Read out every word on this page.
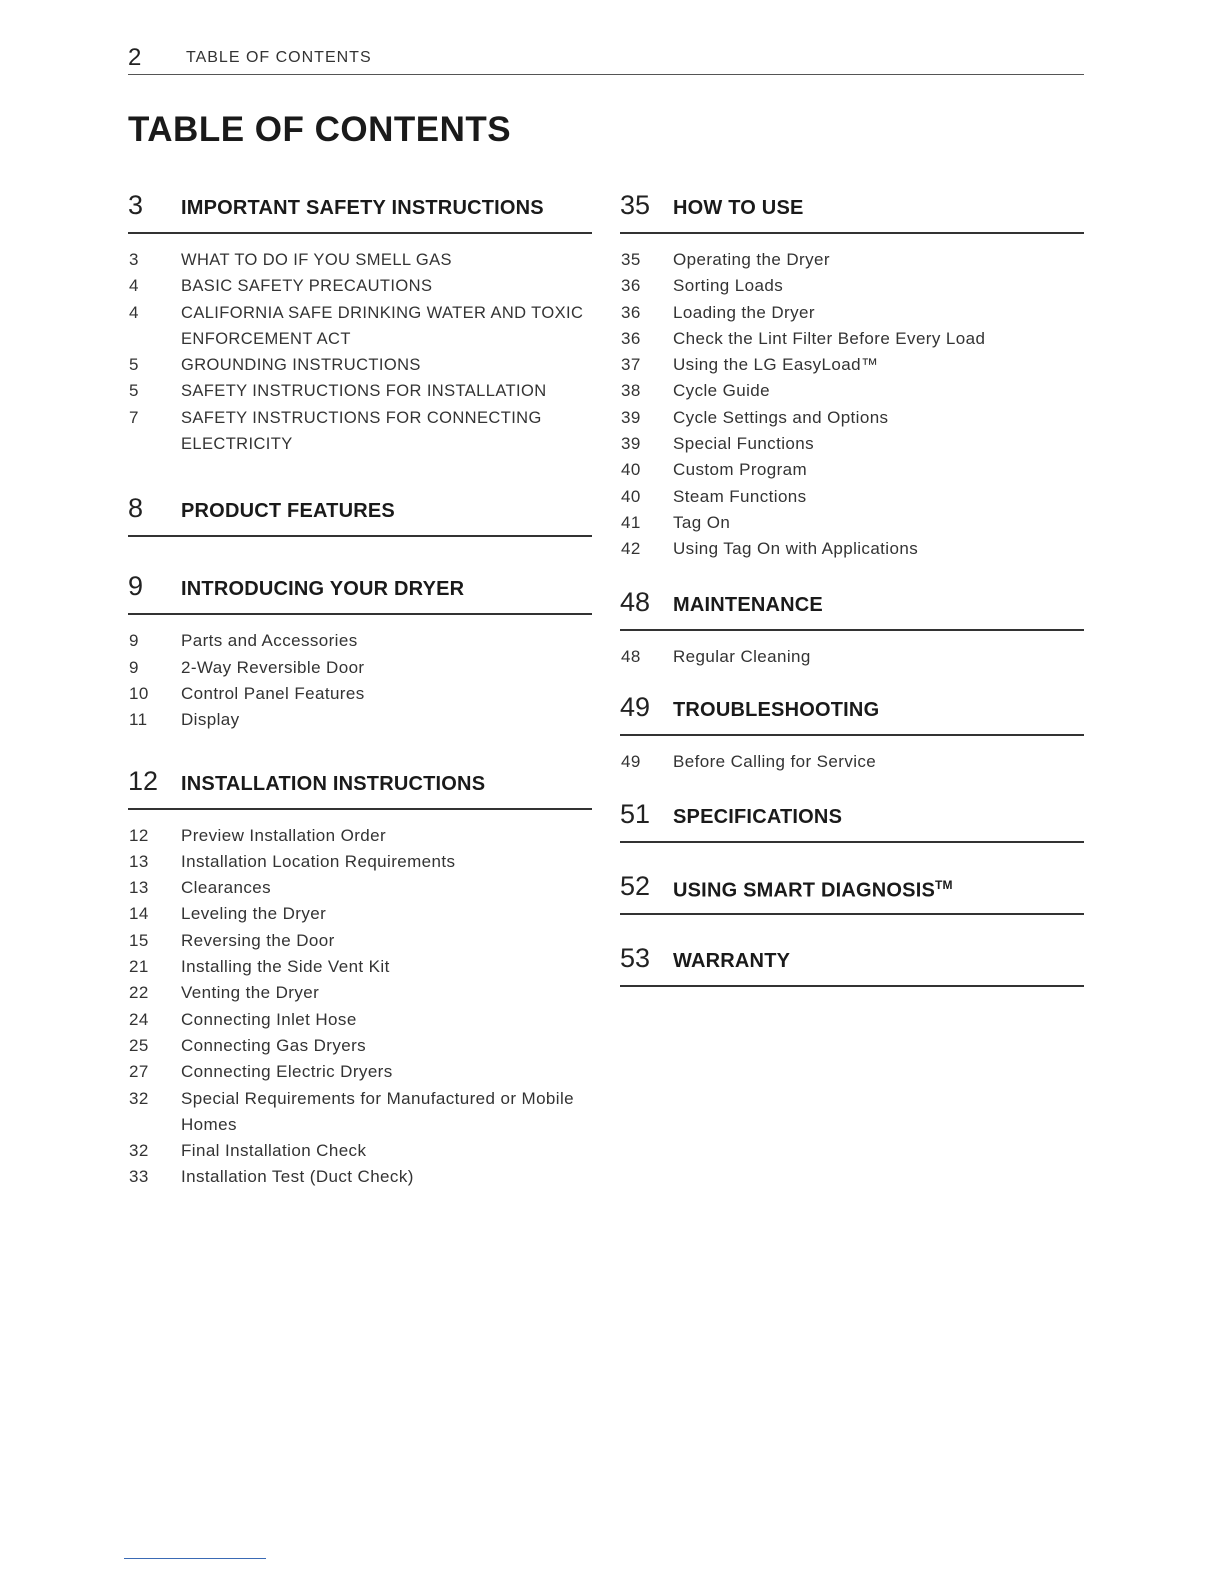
2	TABLE OF CONTENTS
TABLE OF CONTENTS
3 IMPORTANT SAFETY INSTRUCTIONS
3	WHAT TO DO IF YOU SMELL GAS
4	BASIC SAFETY PRECAUTIONS
4	CALIFORNIA SAFE DRINKING WATER AND TOXIC ENFORCEMENT ACT
5	GROUNDING INSTRUCTIONS
5	SAFETY INSTRUCTIONS FOR INSTALLATION
7	SAFETY INSTRUCTIONS FOR CONNECTING ELECTRICITY
8 PRODUCT FEATURES
9 INTRODUCING YOUR DRYER
9 Parts and Accessories
9 2-Way Reversible Door
10 Control Panel Features
11 Display
12 INSTALLATION INSTRUCTIONS
12 Preview Installation Order
13 Installation Location Requirements
13 Clearances
14 Leveling the Dryer
15 Reversing the Door
21 Installing the Side Vent Kit
22 Venting the Dryer
24 Connecting Inlet Hose
25 Connecting Gas Dryers
27 Connecting Electric Dryers
32 Special Requirements for Manufactured or Mobile Homes
32 Final Installation Check
33 Installation Test (Duct Check)
35 HOW TO USE
35 Operating the Dryer
36 Sorting Loads
36 Loading the Dryer
36 Check the Lint Filter Before Every Load
37 Using the LG EasyLoad™
38 Cycle Guide
39 Cycle Settings and Options
39 Special Functions
40 Custom Program
40 Steam Functions
41 Tag On
42 Using Tag On with Applications
48 MAINTENANCE
48 Regular Cleaning
49 TROUBLESHOOTING
49 Before Calling for Service
51 SPECIFICATIONS
52 USING SMART DIAGNOSIS™
53 WARRANTY
